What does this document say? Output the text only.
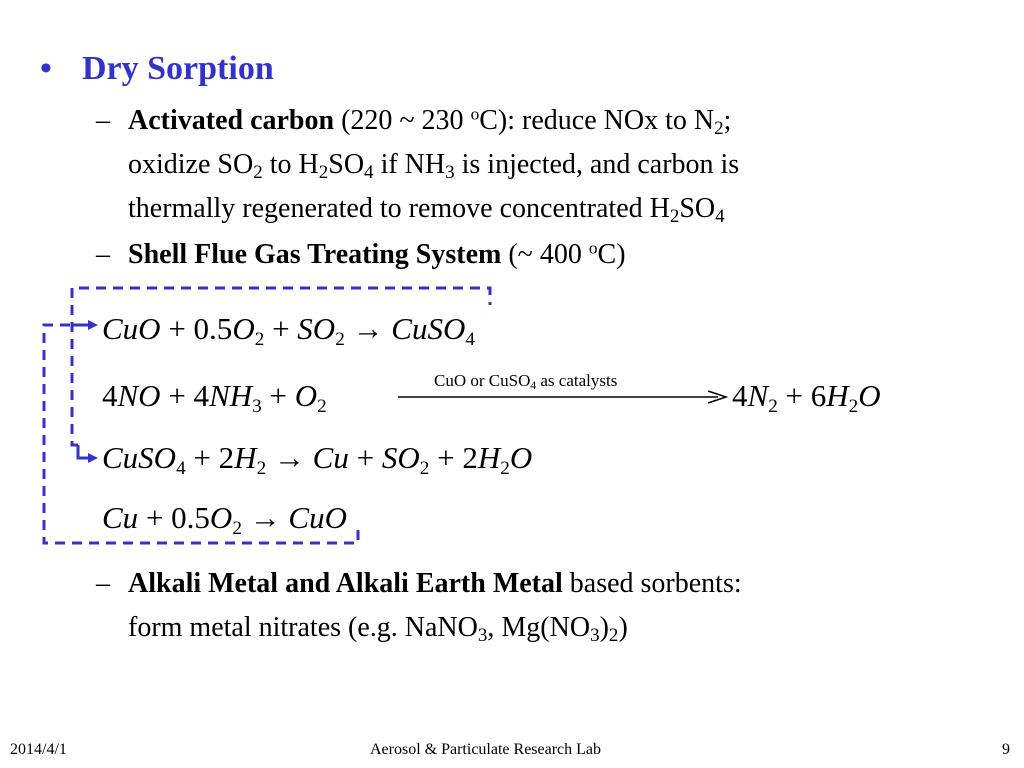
• Dry Sorption
– Activated carbon (220 ~ 230 $^o$C): reduce NOx to $N_2$;
oxidize $SO_2$ to $H_2SO_4$ if $NH_3$ is injected, and carbon is
thermally regenerated to remove concentrated $H_2SO_4$
– Shell Flue Gas Treating System (~ 400 $^o$C)
CuO + $0.5O_2 + SO_2$ → CuSO$_4$
$4NO + 4NH_3 + O_2$
CuO or CuSO$_4$ as catalysts	$4N_2 + 6H_2O$
CuSO$_4$ + $2H_2 \to Cu + SO_2 + 2H_2O$
$Cu + 0.5O_2$ → CuO
– Alkali Metal and Alkali Earth Metal based sorbents:
form metal nitrates (e.g. NaNO$_3$, $Mg(NO_3)_2$)
2014/4/1	Aerosol & Particulate Research Lab	9
